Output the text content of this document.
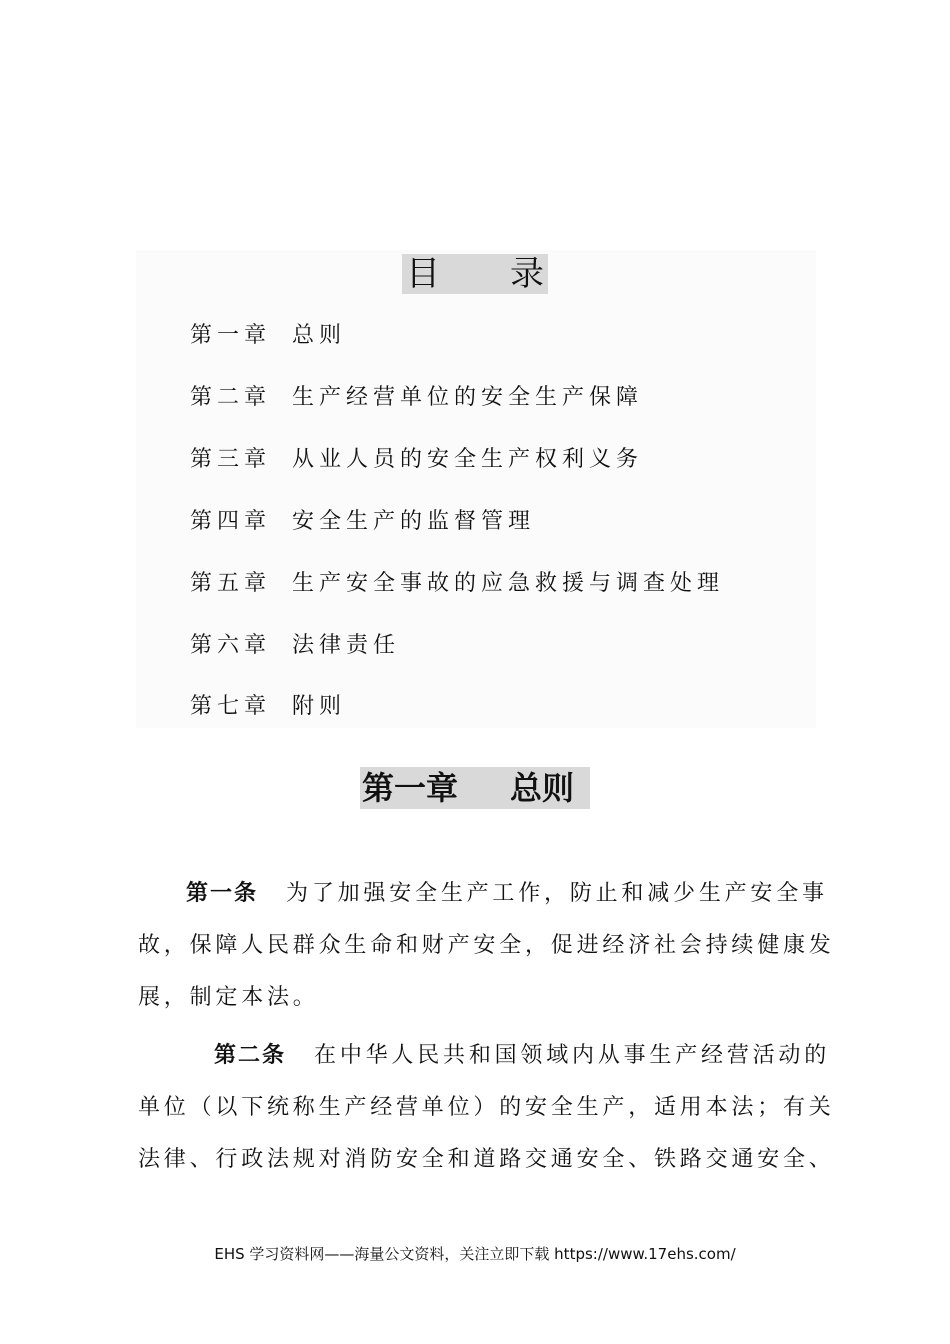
目 录
第一章 总则
第二章 生产经营单位的安全生产保障
第三章 从业人员的安全生产权利义务
第四章 安全生产的监督管理
第五章 生产安全事故的应急救援与调查处理
第六章 法律责任
第七章 附则
第一章 总则
第一条 为了加强安全生产工作，防止和减少生产安全事
故，保障人民群众生命和财产安全，促进经济社会持续健康发
展，制定本法。
第二条 在中华人民共和国领域内从事生产经营活动的
单位（以下统称生产经营单位）的安全生产，适用本法；有关
法律、行政法规对消防安全和道路交通安全、铁路交通安全、
EHS 学习资料网——海量公文资料，关注立即下载 https://www.17ehs.com/
